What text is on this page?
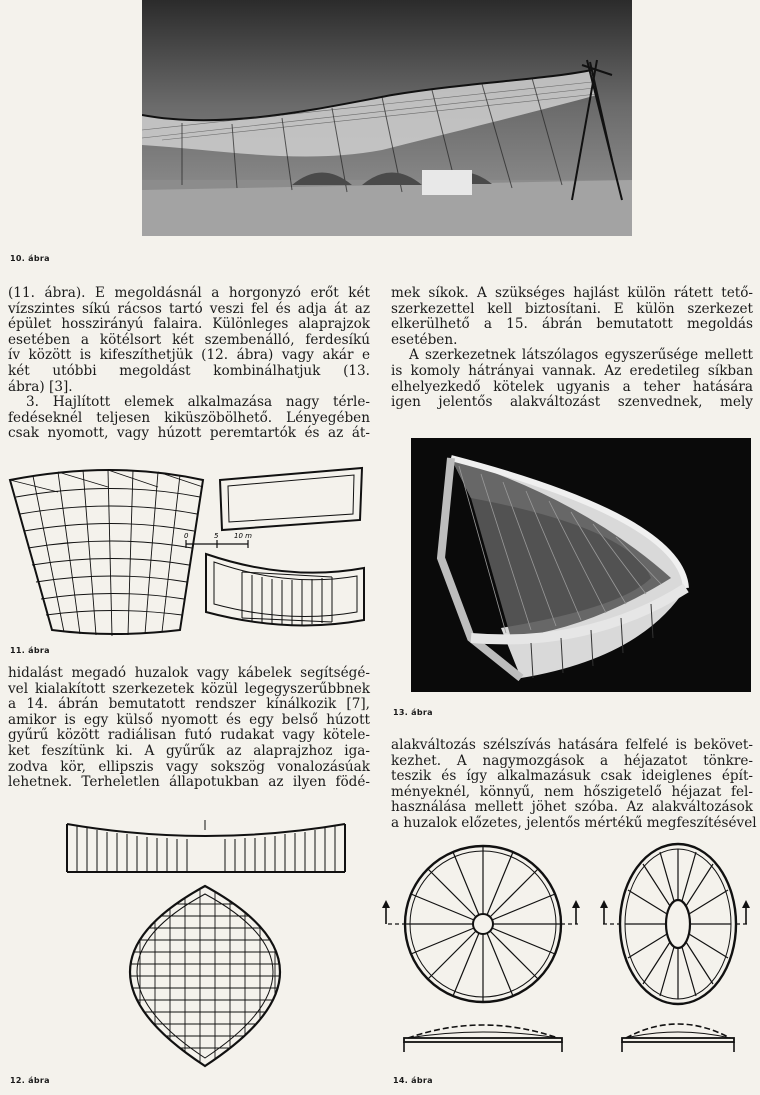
10. ábra
(11. ábra). E megoldásnál a horgonyzó erőt két
vízszintes síkú rácsos tartó veszi fel és adja át az
épület hosszirányú falaira. Különleges alaprajzok
esetében a kötélsort két szembenálló, ferdesíkú
ív között is kifeszíthetjük (12. ábra) vagy akár e
két utóbbi megoldást kombinálhatjuk (13.
ábra) [3].
3. Hajlított elemek alkalmazása nagy térle-
fedéseknél teljesen kiküszöbölhető. Lényegében
csak nyomott, vagy húzott peremtartók és az át-
0	5 10 m
11. ábra
hidalást megadó huzalok vagy kábelek segítségé-
vel kialakított szerkezetek közül legegyszerűbbnek
a 14. ábrán bemutatott rendszer kínálkozik [7],
amikor is egy külső nyomott és egy belső húzott
gyűrű között radiálisan futó rudakat vagy kötele-
ket feszítünk ki. A gyűrűk az alaprajzhoz iga-
zodva kör, ellipszis vagy sokszög vonalozásúak
lehetnek. Terheletlen állapotukban az ilyen födé-
12. ábra
mek síkok. A szükséges hajlást külön rátett tető-
szerkezettel kell biztosítani. E külön szerkezet
elkerülhető a 15. ábrán bemutatott megoldás
esetében.
A szerkezetnek látszólagos egyszerűsége mellett
is komoly hátrányai vannak. Az eredetileg síkban
elhelyezkedő kötelek ugyanis a teher hatására
igen jelentős alakváltozást szenvednek, mely
13. ábra
alakváltozás szélszívás hatására felfelé is bekövet-
kezhet. A nagymozgások a héjazatot tönkre-
teszik és így alkalmazásuk csak ideiglenes épít-
ményeknél, könnyű, nem hőszigetelő héjazat fel-
használása mellett jöhet szóba. Az alakváltozások
a huzalok előzetes, jelentős mértékű megfeszítésével
14. ábra
